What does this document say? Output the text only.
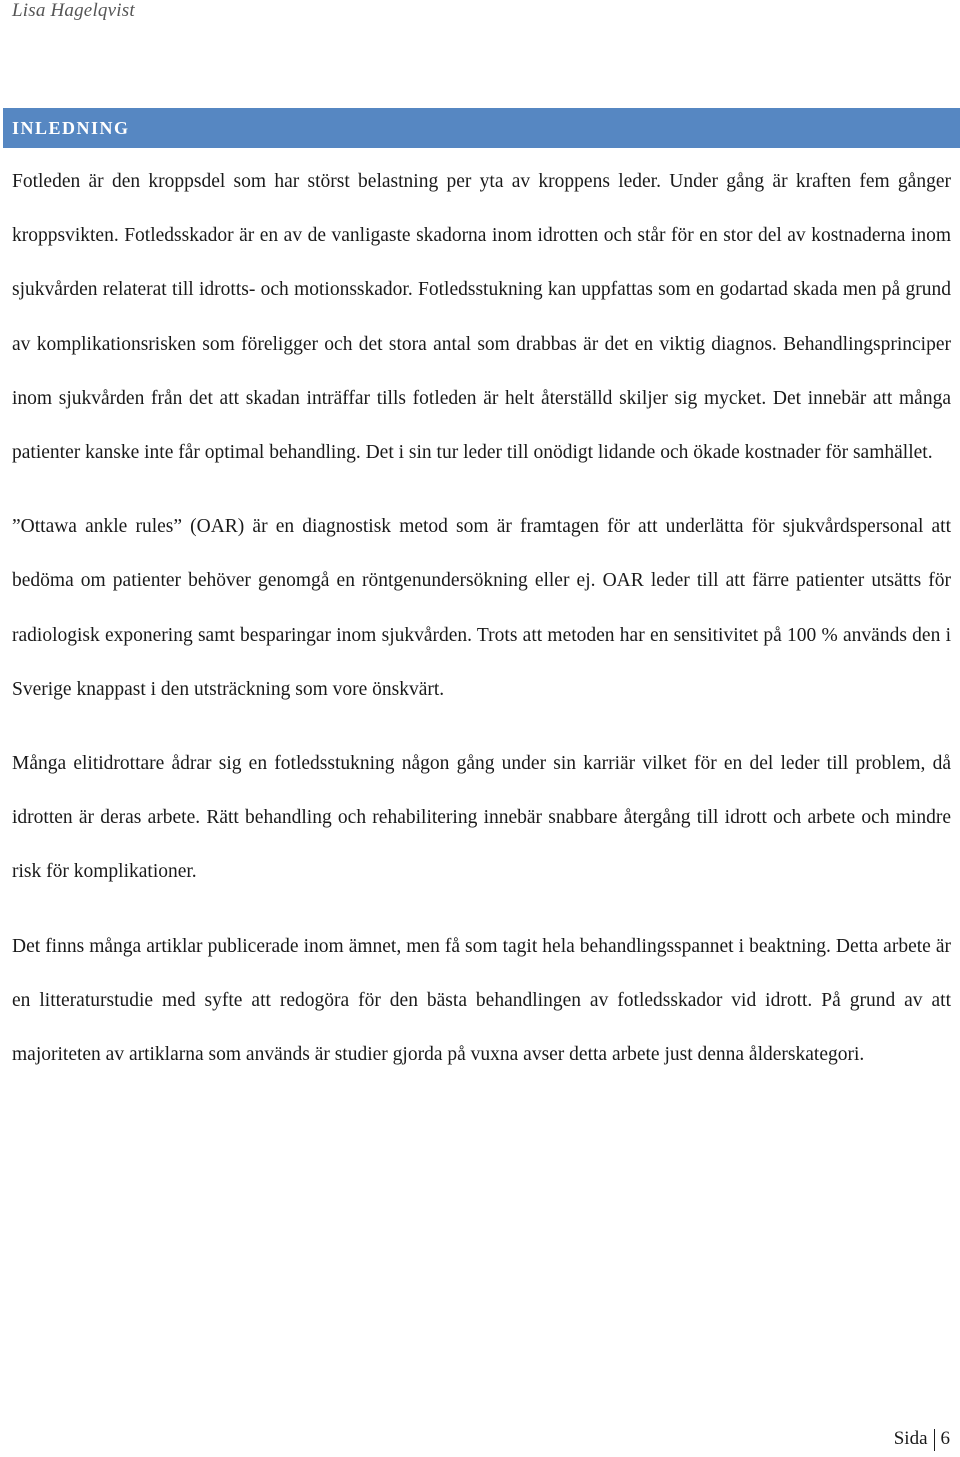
Lisa Hagelqvist
INLEDNING

Fotleden är den kroppsdel som har störst belastning per yta av kroppens leder. Under gång är kraften fem gånger kroppsvikten. Fotledsskador är en av de vanligaste skadorna inom idrotten och står för en stor del av kostnaderna inom sjukvården relaterat till idrotts- och motionsskador. Fotledsstukning kan uppfattas som en godartad skada men på grund av komplikationsrisken som föreligger och det stora antal som drabbas är det en viktig diagnos. Behandlingsprinciper inom sjukvården från det att skadan inträffar tills fotleden är helt återställd skiljer sig mycket. Det innebär att många patienter kanske inte får optimal behandling. Det i sin tur leder till onödigt lidande och ökade kostnader för samhället.

”Ottawa ankle rules” (OAR) är en diagnostisk metod som är framtagen för att underlätta för sjukvårdspersonal att bedöma om patienter behöver genomgå en röntgenundersökning eller ej. OAR leder till att färre patienter utsätts för radiologisk exponering samt besparingar inom sjukvården. Trots att metoden har en sensitivitet på 100 % används den i Sverige knappast i den utsträckning som vore önskvärt.

Många elitidrottare ådrar sig en fotledsstukning någon gång under sin karriär vilket för en del leder till problem, då idrotten är deras arbete. Rätt behandling och rehabilitering innebär snabbare återgång till idrott och arbete och mindre risk för komplikationer.

Det finns många artiklar publicerade inom ämnet, men få som tagit hela behandlingsspannet i beaktning. Detta arbete är en litteraturstudie med syfte att redogöra för den bästa behandlingen av fotledsskador vid idrott. På grund av att majoriteten av artiklarna som används är studier gjorda på vuxna avser detta arbete just denna ålderskategori.

Sida 6
